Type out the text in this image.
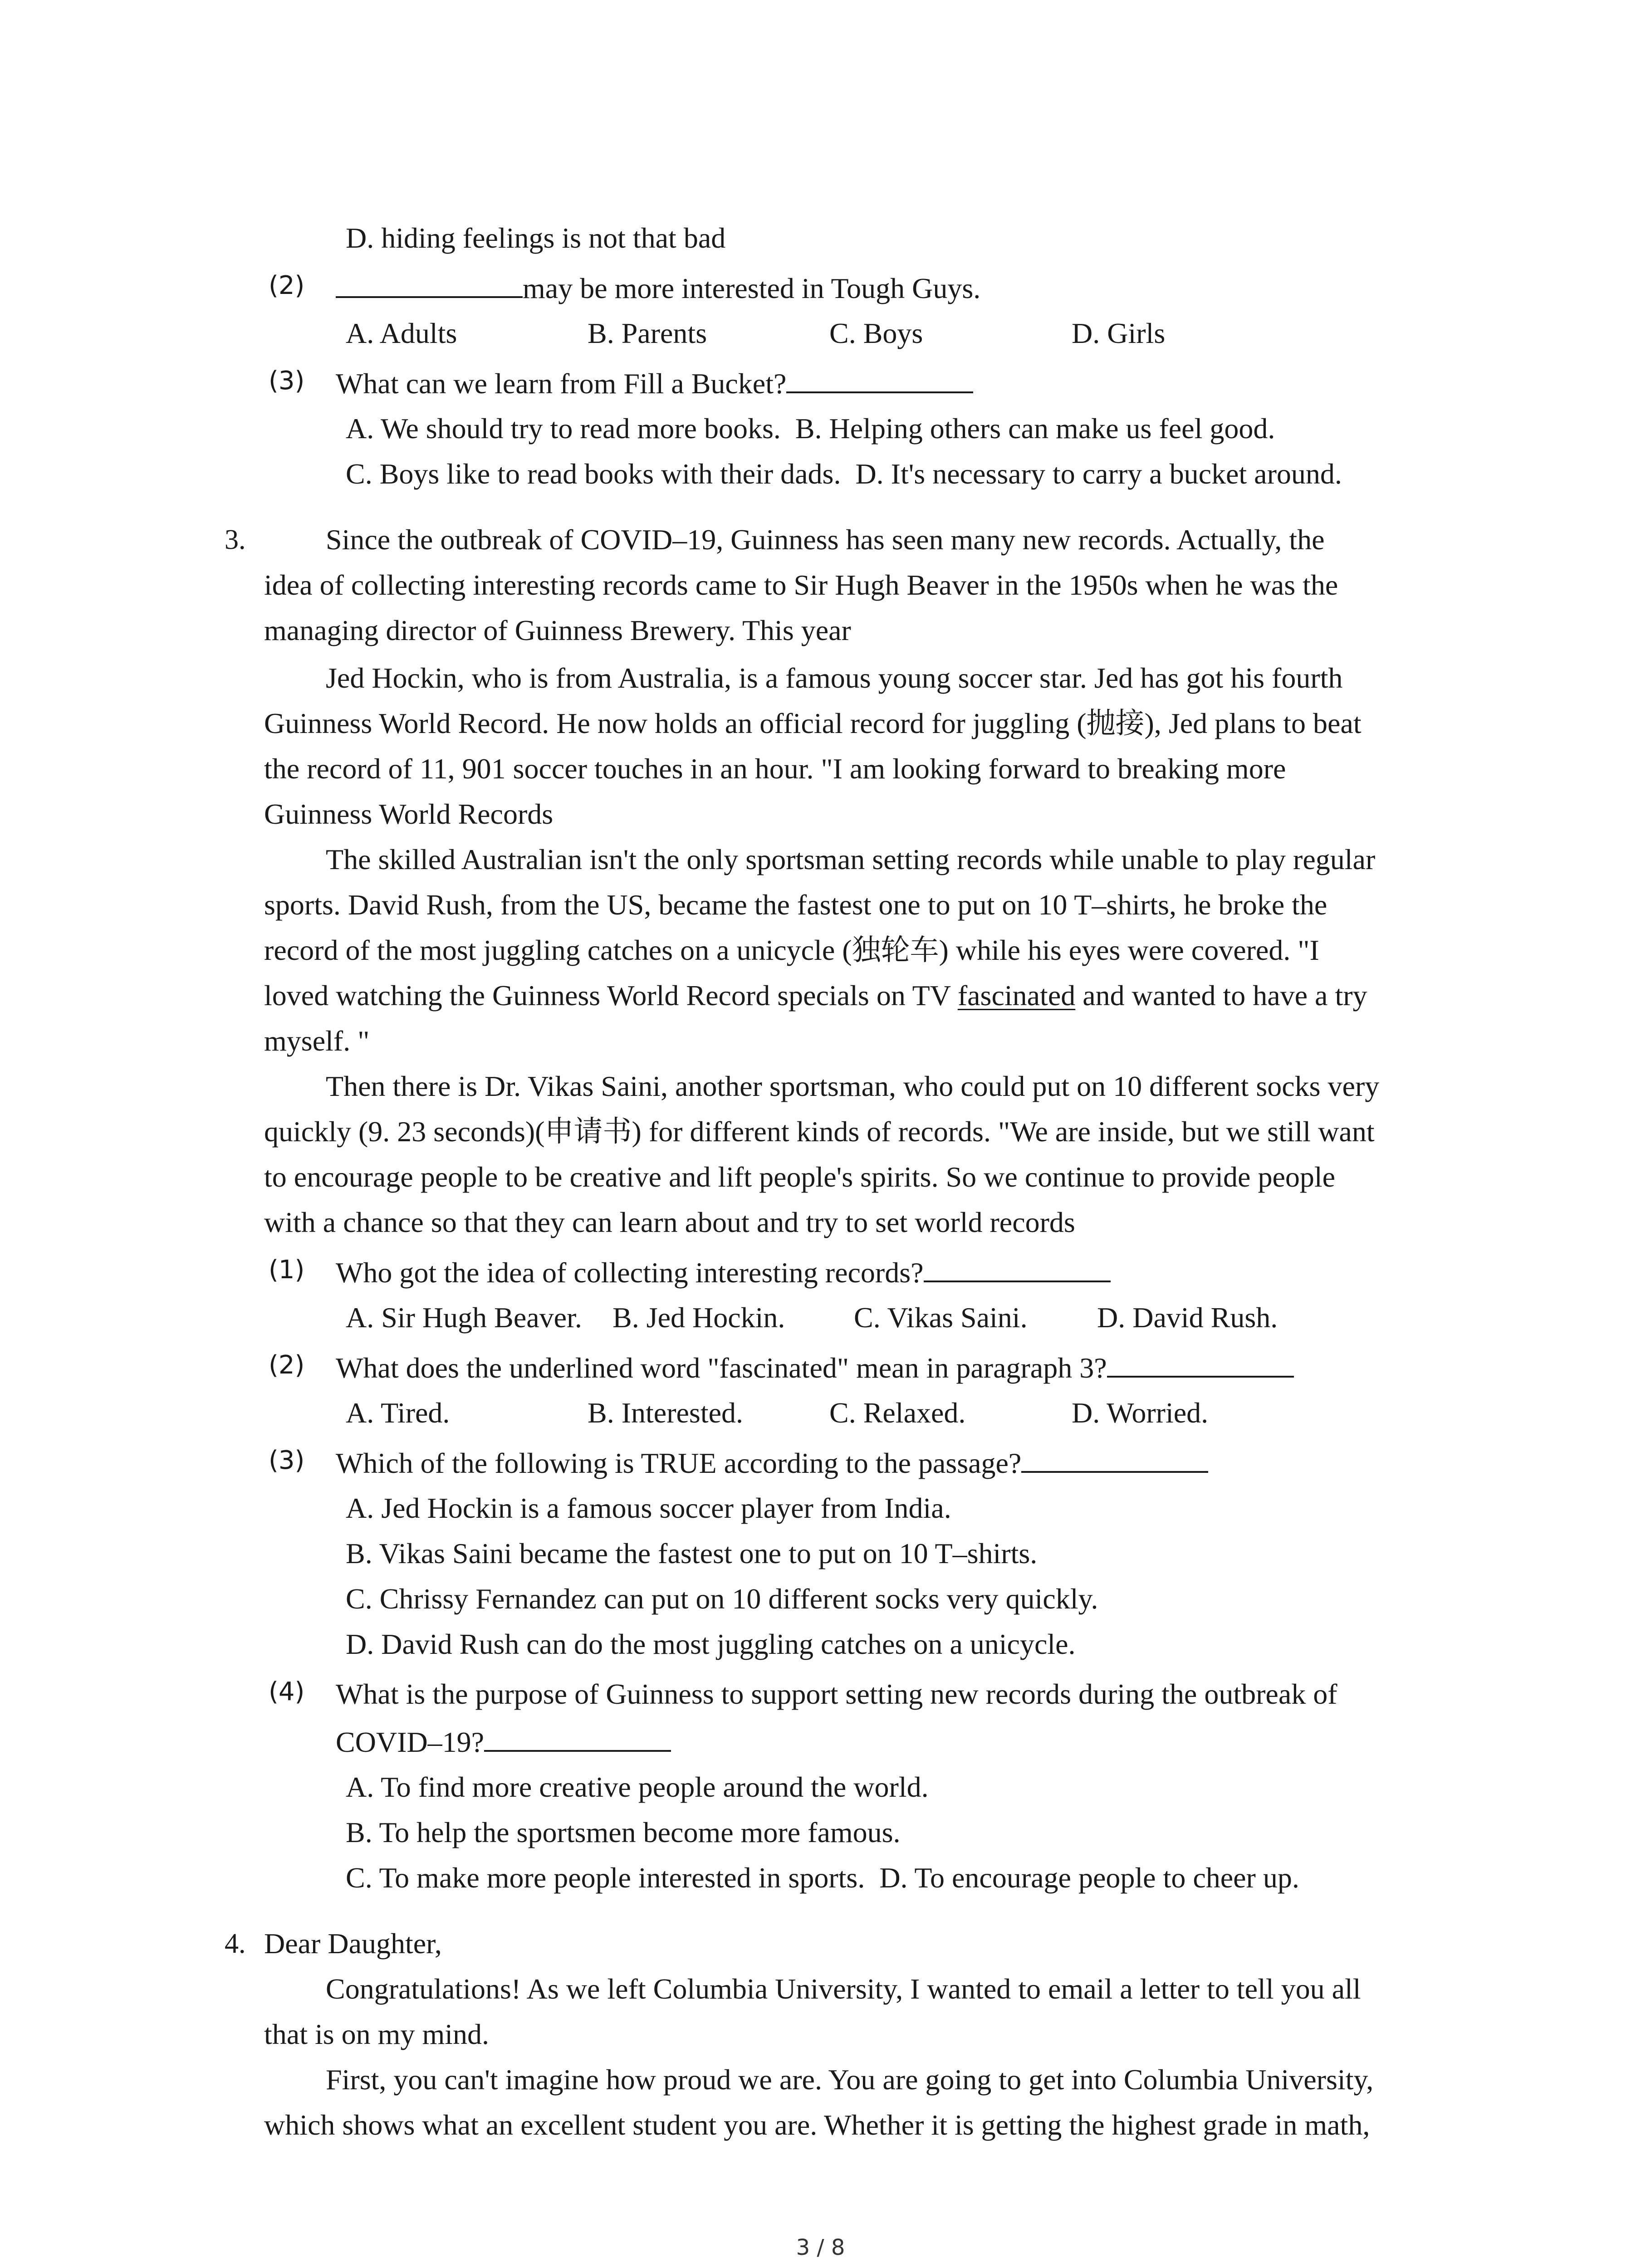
D. hiding feelings is not that bad
(2)	may be more interested in Tough Guys.
A. Adults	B. Parents	C. Boys	D. Girls
(3) What can we learn from Fill a Bucket?
A. We should try to read more books. B. Helping others can make us feel good.
C. Boys like to read books with their dads. D. It's necessary to carry a bucket around.
3.	Since the outbreak of COVID‒19, Guinness has seen many new records. Actually, the
idea of collecting interesting records came to Sir Hugh Beaver in the 1950s when he was the
managing director of Guinness Brewery. This year
Jed Hockin, who is from Australia, is a famous young soccer star. Jed has got his fourth
Guinness World Record. He now holds an official record for juggling (抛接), Jed plans to beat
the record of 11, 901 soccer touches in an hour. "I am looking forward to breaking more
Guinness World Records
The skilled Australian isn't the only sportsman setting records while unable to play regular
sports. David Rush, from the US, became the fastest one to put on 10 T‒shirts, he broke the
record of the most juggling catches on a unicycle (独轮车) while his eyes were covered. "I
loved watching the Guinness World Record specials on TV fascinated and wanted to have a try
myself. "
Then there is Dr. Vikas Saini, another sportsman, who could put on 10 different socks very
quickly (9. 23 seconds)(申请书) for different kinds of records. "We are inside, but we still want
to encourage people to be creative and lift people's spirits. So we continue to provide people
with a chance so that they can learn about and try to set world records
(1) Who got the idea of collecting interesting records?
A. Sir Hugh Beaver. B. Jed Hockin. C. Vikas Saini. D. David Rush.
(2) What does the underlined word "fascinated" mean in paragraph 3?
A. Tired.	B. Interested.	C. Relaxed.	D. Worried.
(3) Which of the following is TRUE according to the passage?
A. Jed Hockin is a famous soccer player from India.
B. Vikas Saini became the fastest one to put on 10 T‒shirts.
C. Chrissy Fernandez can put on 10 different socks very quickly.
D. David Rush can do the most juggling catches on a unicycle.
(4) What is the purpose of Guinness to support setting new records during the outbreak of
COVID‒19?
A. To find more creative people around the world.
B. To help the sportsmen become more famous.
C. To make more people interested in sports. D. To encourage people to cheer up.
4. Dear Daughter,
Congratulations! As we left Columbia University, I wanted to email a letter to tell you all
that is on my mind.
First, you can't imagine how proud we are. You are going to get into Columbia University,
which shows what an excellent student you are. Whether it is getting the highest grade in math,
3 / 8
